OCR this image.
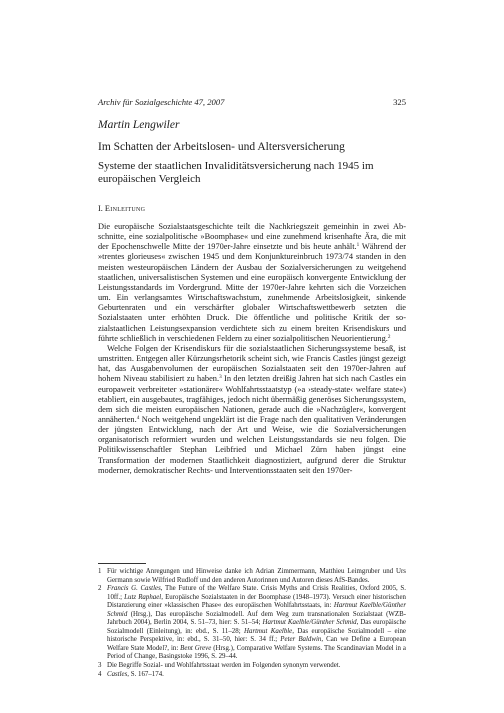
Archiv für Sozialgeschichte 47, 2007	325
Martin Lengwiler
Im Schatten der Arbeitslosen- und Altersversicherung
Systeme der staatlichen Invaliditätsversicherung nach 1945 im europäischen Vergleich
I. Einleitung

Die europäische Sozialstaatsgeschichte teilt die Nachkriegszeit gemeinhin in zwei Abschnitte, eine sozialpolitische »Boomphase« und eine zunehmend krisenhafte Ära, die mit der Epochenschwelle Mitte der 1970er-Jahre einsetzte und bis heute anhält.$^1$ Während der »trentes glorieuses« zwischen 1945 und dem Konjunktureinbruch 1973/74 standen in den meisten westeuropäischen Ländern der Ausbau der Sozialversicherungen zu weitgehend staatlichen, universalistischen Systemen und eine europäisch konvergente Entwicklung der Leistungsstandards im Vordergrund. Mitte der 1970er-Jahre kehrten sich die Vorzeichen um. Ein verlangsamtes Wirtschaftswachstum, zunehmende Arbeitslosigkeit, sinkende Geburtenraten und ein verschärfter globaler Wirtschaftswettbewerb setzten die Sozialstaaten unter erhöhten Druck. Die öffentliche und politische Kritik der sozialstaatlichen Leistungsexpansion verdichtete sich zu einem breiten Krisendiskurs und führte schließlich in verschiedenen Feldern zu einer sozialpolitischen Neuorientierung.$^2$

Welche Folgen der Krisendiskurs für die sozialstaatlichen Sicherungssysteme besaß, ist umstritten. Entgegen aller Kürzungsrhetorik scheint sich, wie Francis Castles jüngst gezeigt hat, das Ausgabenvolumen der europäischen Sozialstaaten seit den 1970er-Jahren auf hohem Niveau stabilisiert zu haben.$^3$ In den letzten dreißig Jahren hat sich nach Castles ein europaweit verbreiteter »stationärer« Wohlfahrtsstaatstyp (»a ›steady-state‹ welfare state«) etabliert, ein ausgebautes, tragfähiges, jedoch nicht übermäßig generöses Sicherungssystem, dem sich die meisten europäischen Nationen, gerade auch die »Nachzügler«, konvergent annäherten.$^4$ Noch weitgehend ungeklärt ist die Frage nach den qualitativen Veränderungen der jüngsten Entwicklung, nach der Art und Weise, wie die Sozialversicherungen organisatorisch reformiert wurden und welchen Leistungsstandards sie neu folgen. Die Politikwissenschaftler Stephan Leibfried und Michael Zürn haben jüngst eine Transformation der modernen Staatlichkeit diagnostiziert, aufgrund derer die Struktur moderner, demokratischer Rechts- und Interventionsstaaten seit den 1970er-

1 Für wichtige Anregungen und Hinweise danke ich Adrian Zimmermann, Matthieu Leimgruber und Urs Germann sowie Wilfried Rudloff und den anderen Autorinnen und Autoren dieses AfS-Bandes.
2 Francis G. Castles, The Future of the Welfare State. Crisis Myths and Crisis Realities, Oxford 2005, S. 10ff.; Lutz Raphael, Europäische Sozialstaaten in der Boomphase (1948–1973). Versuch einer historischen Distanzierung einer »klassischen Phase« des europäischen Wohlfahrtsstaats, in: Hartmut Kaelble/Günther Schmid (Hrsg.), Das europäische Sozialmodell. Auf dem Weg zum transnationalen Sozialstaat (WZB-Jahrbuch 2004), Berlin 2004, S. 51–73, hier: S. 51–54; Hartmut Kaelble/Günther Schmid, Das europäische Sozialmodell (Einleitung), in: ebd., S. 11–28; Hartmut Kaelble, Das europäische Sozialmodell – eine historische Perspektive, in: ebd., S. 31–50, hier: S. 34 ff.; Peter Baldwin, Can we Define a European Welfare State Model?, in: Bent Greve (Hrsg.), Comparative Welfare Systems. The Scandinavian Model in a Period of Change, Basingstoke 1996, S. 29–44.
3 Die Begriffe Sozial- und Wohlfahrtsstaat werden im Folgenden synonym verwendet.
4 Castles, S. 167–174.
